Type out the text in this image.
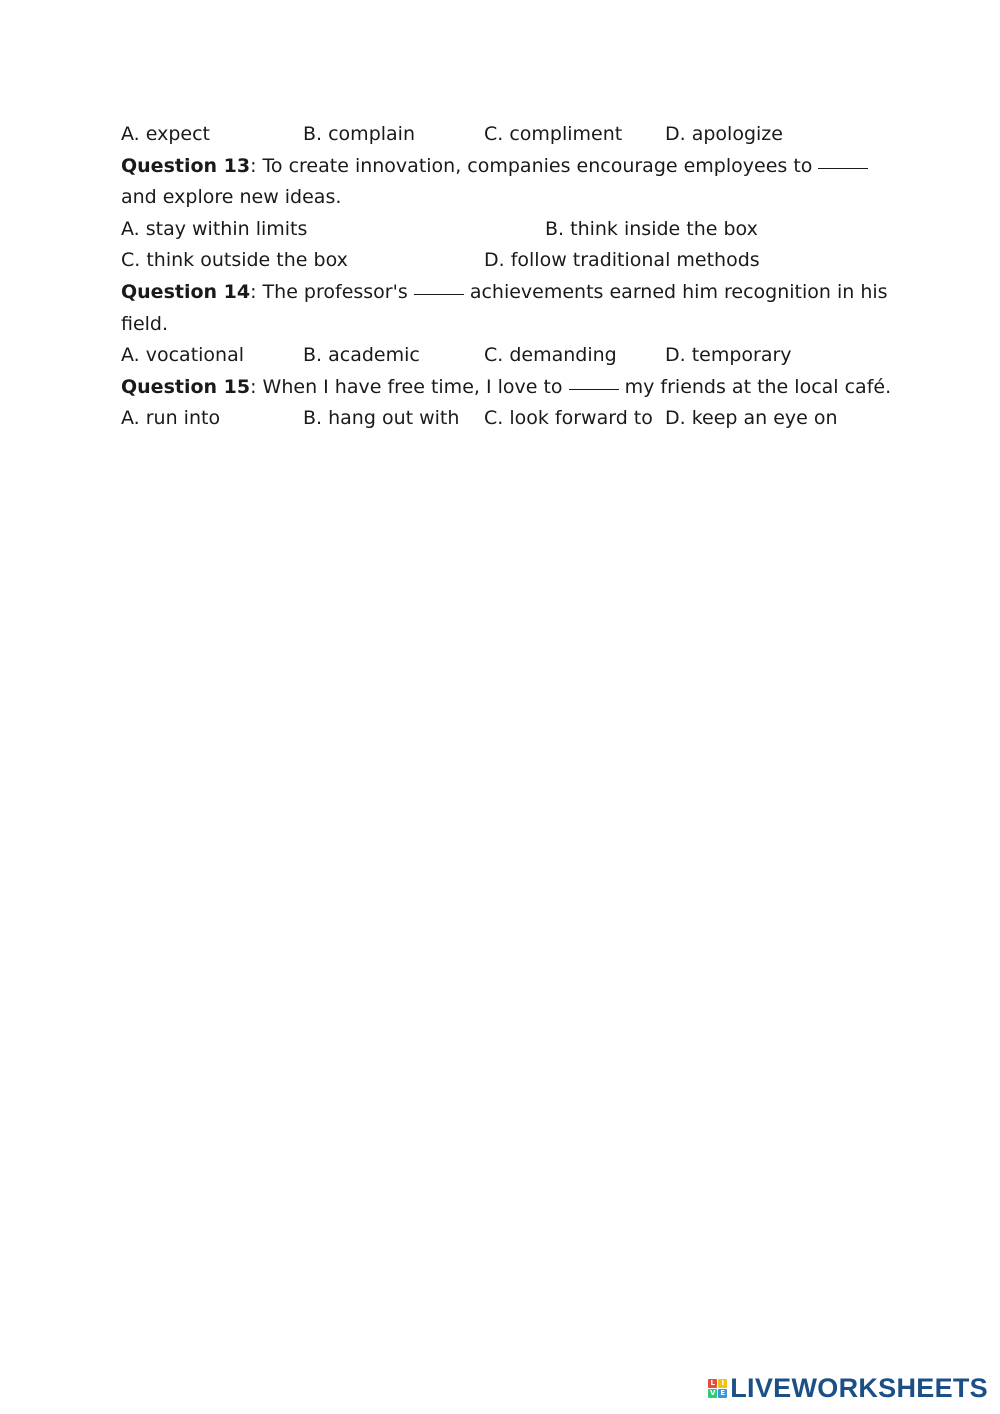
A. expect	B. complain	C. compliment D. apologize
Question 13: To create innovation, companies encourage employees to
and explore new ideas.
A. stay within limits	B. think inside the box
C. think outside the box	D. follow traditional methods
Question 14: The professor's	achievements earned him recognition in his
field.
A. vocational	B. academic	C. demanding	D. temporary
Question 15: When I have free time, I love to	my friends at the local café.
A. run into	B. hang out with C. look forward to D. keep an eye on
L I
V E LIVEWORKSHEETS
